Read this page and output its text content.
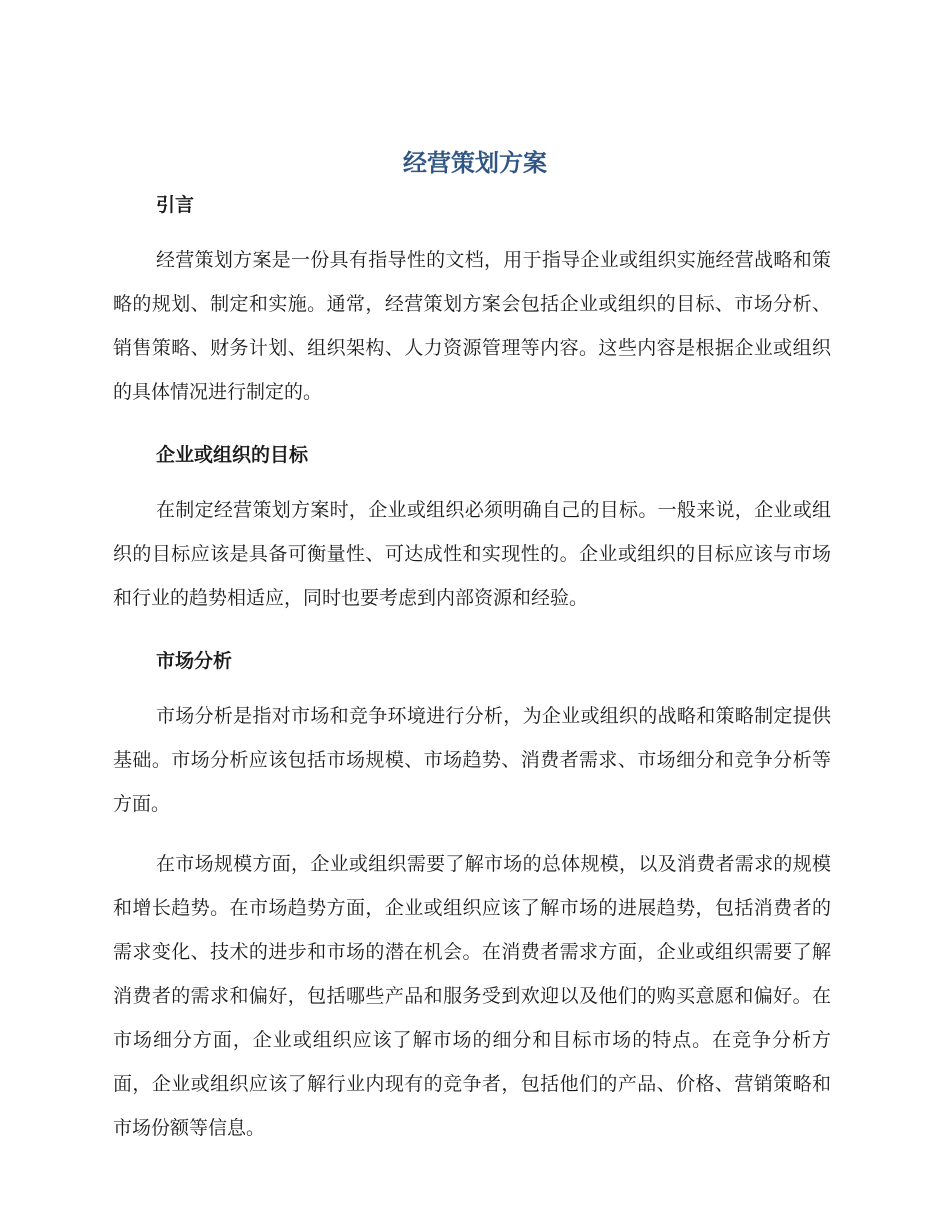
经营策划方案
引言

经营策划方案是一份具有指导性的文档，用于指导企业或组织实施经营战略和策略的规划、制定和实施。通常，经营策划方案会包括企业或组织的目标、市场分析、销售策略、财务计划、组织架构、人力资源管理等内容。这些内容是根据企业或组织的具体情况进行制定的。

企业或组织的目标

在制定经营策划方案时，企业或组织必须明确自己的目标。一般来说，企业或组织的目标应该是具备可衡量性、可达成性和实现性的。企业或组织的目标应该与市场和行业的趋势相适应，同时也要考虑到内部资源和经验。

市场分析

市场分析是指对市场和竞争环境进行分析，为企业或组织的战略和策略制定提供基础。市场分析应该包括市场规模、市场趋势、消费者需求、市场细分和竞争分析等方面。

在市场规模方面，企业或组织需要了解市场的总体规模，以及消费者需求的规模和增长趋势。在市场趋势方面，企业或组织应该了解市场的进展趋势，包括消费者的需求变化、技术的进步和市场的潜在机会。在消费者需求方面，企业或组织需要了解消费者的需求和偏好，包括哪些产品和服务受到欢迎以及他们的购买意愿和偏好。在市场细分方面，企业或组织应该了解市场的细分和目标市场的特点。在竞争分析方面，企业或组织应该了解行业内现有的竞争者，包括他们的产品、价格、营销策略和市场份额等信息。
